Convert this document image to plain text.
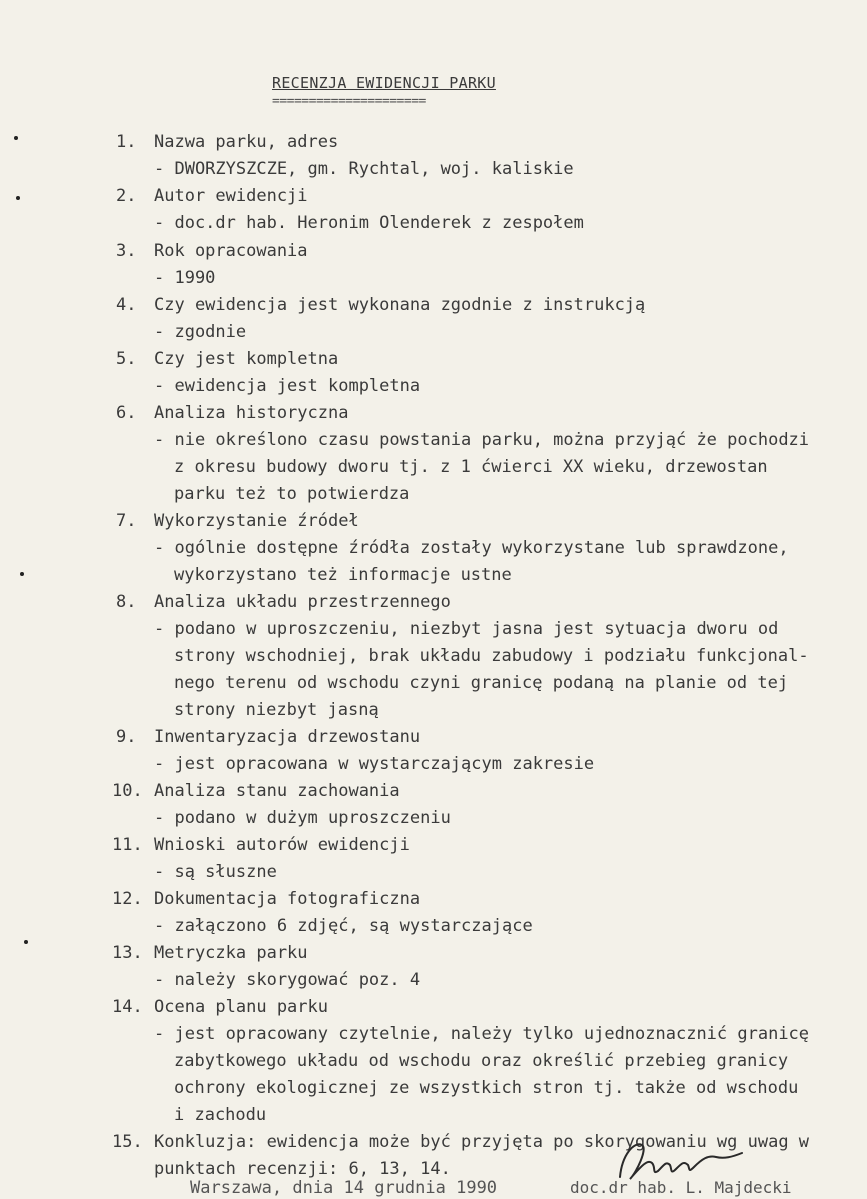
RECENZJA EWIDENCJI PARKU
=====================
1.	Nazwa parku, adres
- DWORZYSZCZE, gm. Rychtal, woj. kaliskie
2.	Autor ewidencji
- doc.dr hab. Heronim Olenderek z zespołem
3.	Rok opracowania
- 1990
4.	Czy ewidencja jest wykonana zgodnie z instrukcją
- zgodnie
5.	Czy jest kompletna
- ewidencja jest kompletna
6.	Analiza historyczna
- nie określono czasu powstania parku, można przyjąć że pochodzi
z okresu budowy dworu tj. z 1 ćwierci XX wieku, drzewostan
parku też to potwierdza
7.	Wykorzystanie źródeł
- ogólnie dostępne źródła zostały wykorzystane lub sprawdzone,
wykorzystano też informacje ustne
8.	Analiza układu przestrzennego
- podano w uproszczeniu, niezbyt jasna jest sytuacja dworu od
strony wschodniej, brak układu zabudowy i podziału funkcjonal-
nego terenu od wschodu czyni granicę podaną na planie od tej
strony niezbyt jasną
9.	Inwentaryzacja drzewostanu
- jest opracowana w wystarczającym zakresie
10. Analiza stanu zachowania
- podano w dużym uproszczeniu
11. Wnioski autorów ewidencji
- są słuszne
12. Dokumentacja fotograficzna
- załączono 6 zdjęć, są wystarczające
13. Metryczka parku
- należy skorygować poz. 4
14. Ocena planu parku
- jest opracowany czytelnie, należy tylko ujednoznacznić granicę
zabytkowego układu od wschodu oraz określić przebieg granicy
ochrony ekologicznej ze wszystkich stron tj. także od wschodu
i zachodu
15. Konkluzja: ewidencja może być przyjęta po skorygowaniu wg uwag w
punktach recenzji: 6, 13, 14.
Warszawa, dnia 14 grudnia 1990	doc.dr hab. L. Majdecki
